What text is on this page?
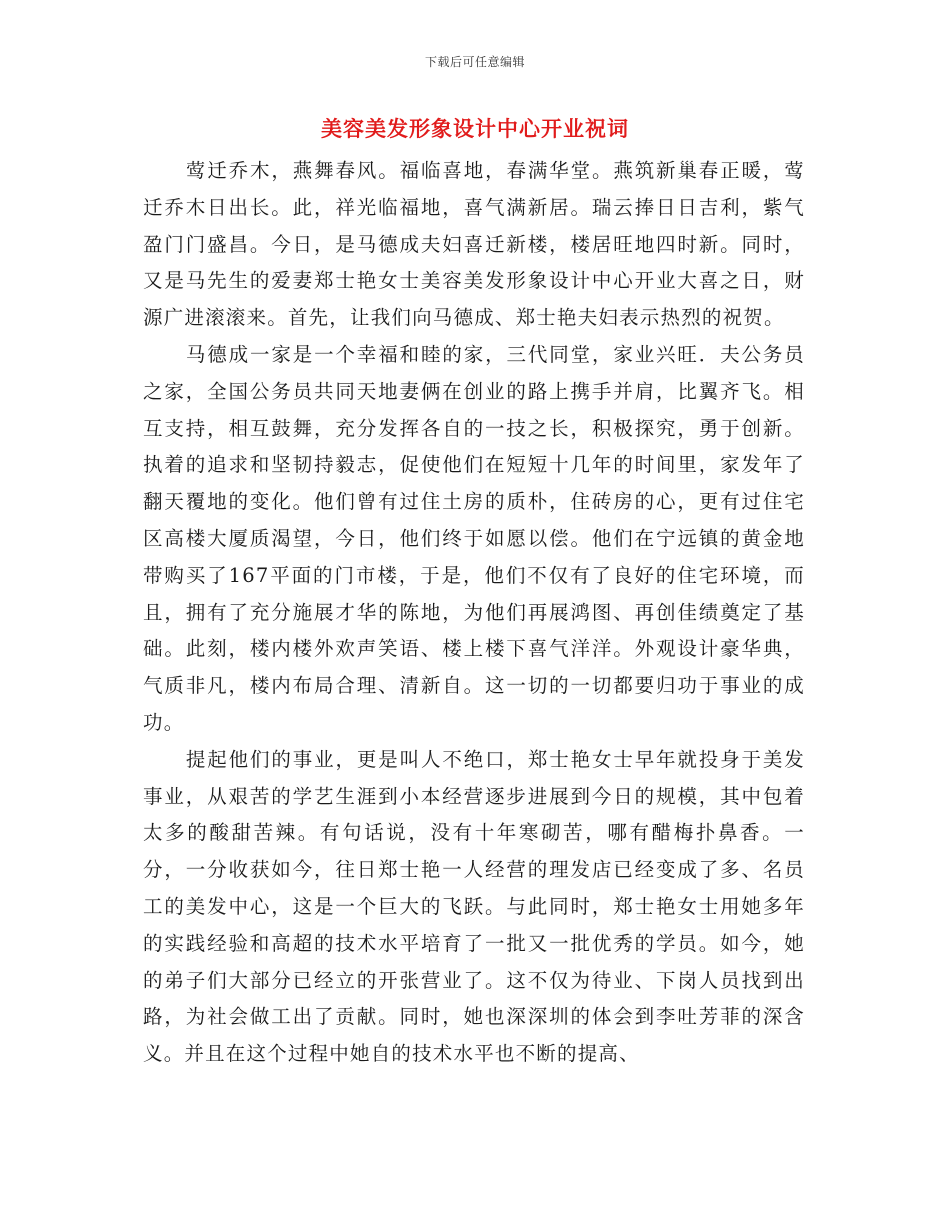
下载后可任意编辑
美容美发形象设计中心开业祝词

莺迁乔木，燕舞春风。福临喜地，春满华堂。燕筑新巢春正暖，莺迁乔木日出长。此，祥光临福地，喜气满新居。瑞云捧日日吉利，紫气盈门门盛昌。今日，是马德成夫妇喜迁新楼，楼居旺地四时新。同时，又是马先生的爱妻郑士艳女士美容美发形象设计中心开业大喜之日，财源广进滚滚来。首先，让我们向马德成、郑士艳夫妇表示热烈的祝贺。

马德成一家是一个幸福和睦的家，三代同堂，家业兴旺．夫公务员之家，全国公务员共同天地妻俩在创业的路上携手并肩，比翼齐飞。相互支持，相互鼓舞，充分发挥各自的一技之长，积极探究，勇于创新。执着的追求和坚韧持毅志，促使他们在短短十几年的时间里，家发年了翻天覆地的变化。他们曾有过住土房的质朴，住砖房的心，更有过住宅区高楼大厦质渴望，今日，他们终于如愿以偿。他们在宁远镇的黄金地带购买了167平面的门市楼，于是，他们不仅有了良好的住宅环境，而且，拥有了充分施展才华的陈地，为他们再展鸿图、再创佳绩奠定了基础。此刻，楼内楼外欢声笑语、楼上楼下喜气洋洋。外观设计豪华典，气质非凡，楼内布局合理、清新自。这一切的一切都要归功于事业的成功。

提起他们的事业，更是叫人不绝口，郑士艳女士早年就投身于美发事业，从艰苦的学艺生涯到小本经营逐步进展到今日的规模，其中包着太多的酸甜苦辣。有句话说，没有十年寒砌苦，哪有醋梅扑鼻香。一分，一分收获如今，往日郑士艳一人经营的理发店已经变成了多、名员工的美发中心，这是一个巨大的飞跃。与此同时，郑士艳女士用她多年的实践经验和高超的技术水平培育了一批又一批优秀的学员。如今，她的弟子们大部分已经立的开张营业了。这不仅为待业、下岗人员找到出路，为社会做工出了贡献。同时，她也深深圳的体会到李吐芳菲的深含义。并且在这个过程中她自的技术水平也不断的提高、
